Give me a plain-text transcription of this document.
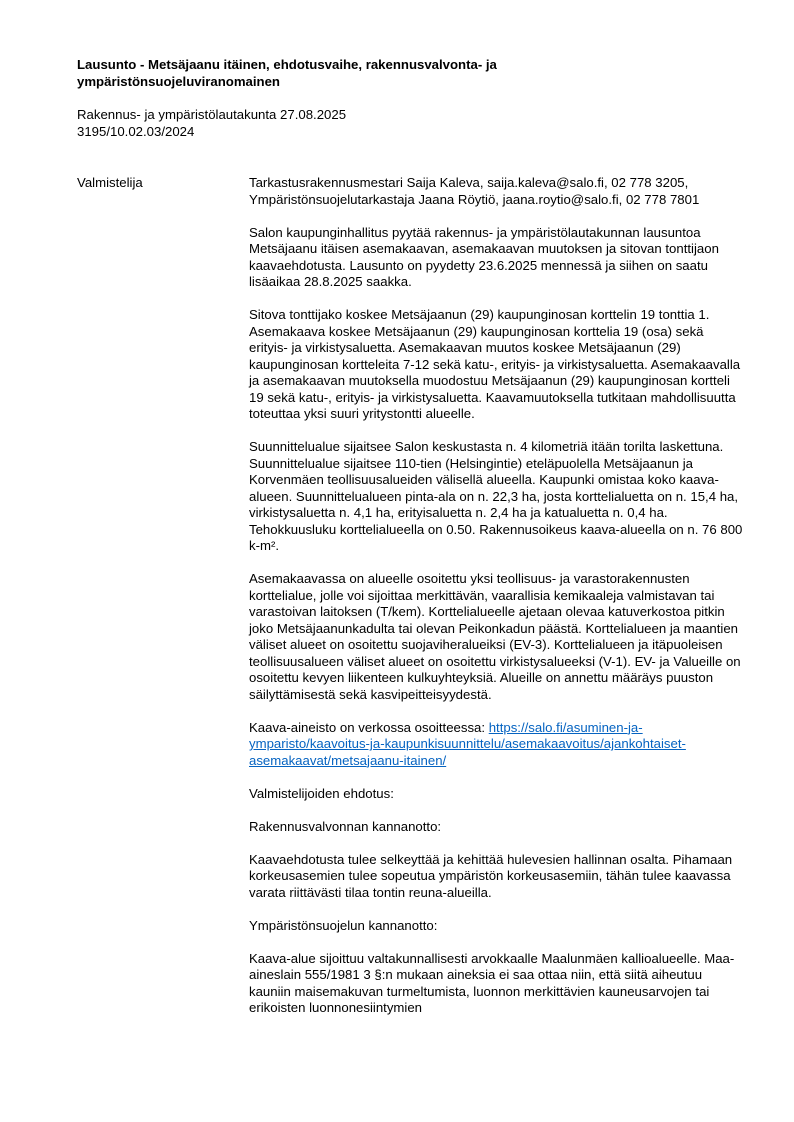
Lausunto - Metsäjaanu itäinen, ehdotusvaihe, rakennusvalvonta- ja ympäristönsuojeluviranomainen
Rakennus- ja ympäristölautakunta 27.08.2025
3195/10.02.03/2024
Valmistelija	Tarkastusrakennusmestari Saija Kaleva, saija.kaleva@salo.fi, 02 778 3205, Ympäristönsuojelutarkastaja Jaana Röytiö, jaana.roytio@salo.fi, 02 778 7801

Salon kaupunginhallitus pyytää rakennus- ja ympäristölautakunnan lausuntoa Metsäjaanu itäisen asemakaavan, asemakaavan muutoksen ja sitovan tonttijaon kaavaehdotusta. Lausunto on pyydetty 23.6.2025 mennessä ja siihen on saatu lisäaikaa 28.8.2025 saakka.

Sitova tonttijako koskee Metsäjaanun (29) kaupunginosan korttelin 19 tonttia 1. Asemakaava koskee Metsäjaanun (29) kaupunginosan korttelia 19 (osa) sekä erityis- ja virkistysaluetta. Asemakaavan muutos koskee Metsäjaanun (29) kaupunginosan kortteleita 7-12 sekä katu-, erityis- ja virkistysaluetta. Asemakaavalla ja asemakaavan muutoksella muodostuu Metsäjaanun (29) kaupunginosan kortteli 19 sekä katu-, erityis- ja virkistysaluetta. Kaavamuutoksella tutkitaan mahdollisuutta toteuttaa yksi suuri yritystontti alueelle.

Suunnittelualue sijaitsee Salon keskustasta n. 4 kilometriä itään torilta laskettuna. Suunnittelualue sijaitsee 110-tien (Helsingintie) eteläpuolella Metsäjaanun ja Korvenmäen teollisuusalueiden välisellä alueella. Kaupunki omistaa koko kaava-alueen. Suunnittelualueen pinta-ala on n. 22,3 ha, josta korttelialuetta on n. 15,4 ha, virkistysaluetta n. 4,1 ha, erityisaluetta n. 2,4 ha ja katualuetta n. 0,4 ha. Tehokkuusluku korttelialueella on 0.50. Rakennusoikeus kaava-alueella on n. 76 800 k-m².

Asemakaavassa on alueelle osoitettu yksi teollisuus- ja varastorakennusten korttelialue, jolle voi sijoittaa merkittävän, vaarallisia kemikaaleja valmistavan tai varastoivan laitoksen (T/kem). Korttelialueelle ajetaan olevaa katuverkostoa pitkin joko Metsäjaanunkadulta tai olevan Peikonkadun päästä. Korttelialueen ja maantien väliset alueet on osoitettu suojaviheralueiksi (EV-3). Korttelialueen ja itäpuoleisen teollisuusalueen väliset alueet on osoitettu virkistysalueeksi (V-1). EV- ja Valueille on osoitettu kevyen liikenteen kulkuyhteyksiä. Alueille on annettu määräys puuston säilyttämisestä sekä kasvipeitteisyydestä.

Kaava-aineisto on verkossa osoitteessa: https://salo.fi/asuminen-ja-ymparisto/kaavoitus-ja-kaupunkisuunnittelu/asemakaavoitus/ajankohtaiset-asemakaavat/metsajaanu-itainen/

Valmistelijoiden ehdotus:

Rakennusvalvonnan kannanotto:

Kaavaehdotusta tulee selkeyttää ja kehittää hulevesien hallinnan osalta. Pihamaan korkeusasemien tulee sopeutua ympäristön korkeusasemiin, tähän tulee kaavassa varata riittävästi tilaa tontin reuna-alueilla.

Ympäristönsuojelun kannanotto:

Kaava-alue sijoittuu valtakunnallisesti arvokkaalle Maalunmäen kallioalueelle. Maa-aineslain 555/1981 3 §:n mukaan aineksia ei saa ottaa niin, että siitä aiheutuu kauniin maisemakuvan turmeltumista, luonnon merkittävien kauneusarvojen tai erikoisten luonnonesiintymien
